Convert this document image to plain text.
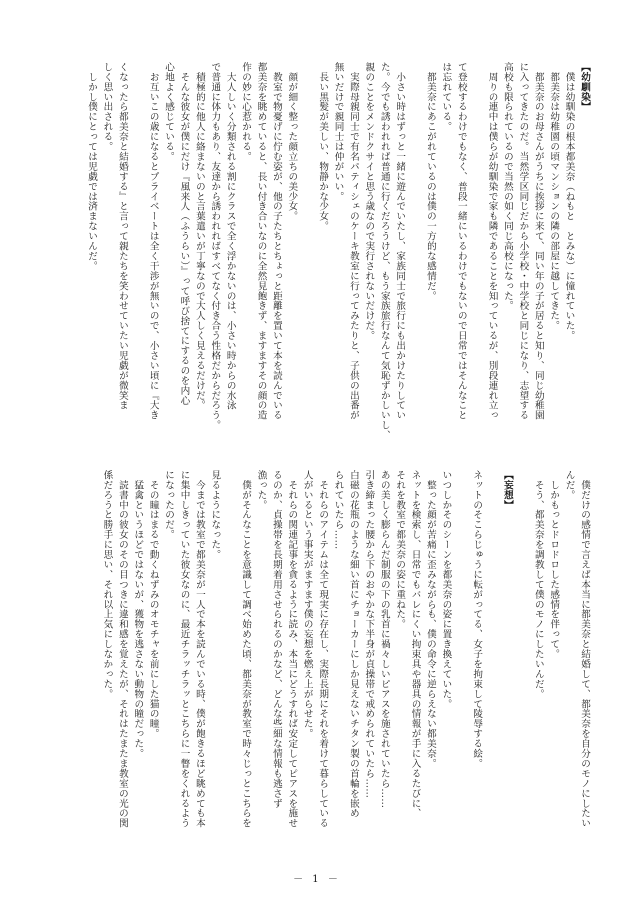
【幼馴染】

　僕は幼馴染の根本都美奈（ねもと　とみな）に憧れていた。

　都美奈は幼稚園の頃マンションの隣の部屋に越してきた。

　都美奈のお母さんがうちに挨拶に来て、同い年の子が居ると知り、同じ幼稚園

に入ってきたのだ。当然学区同じだから小学校・中学校と同じになり、志望する

高校も限られているので当然の如く同じ高校になった。

　周りの連中は僕らが幼馴染で家も隣であることを知っているが、別段連れ立っ

て登校するわけでもなく、普段一緒にいるわけでもないので日常ではそんなこと

は忘れている。

　都美奈にあこがれているのは僕の一方的な感情だ。

　小さい時はずっと一緒に遊んでいたし、家族同士で旅行にも出かけたりしてい

た。今でも誘われれば普通に行くだろうけど、もう家族旅行なんて気恥ずかしいし、

親のことをメンドクサイと思う歳なので実行されないだけだ。

　実際母親同士で有名パティシェのケーキ教室に行ってみたりと、子供の出番が

無いだけで親同士は仲がいい。

　長い黒髪が美しい、物静かな少女。

　顔が細く整った顔立ちの美少女。

　教室で物憂げに佇む姿が、他の子たちとちょっと距離を置いて本を読んでいる

都美奈を眺めていると、長い付き合いなのに全然見飽きず、ますますその顔の造

作の妙に心惹かれる。

　大人しいく分類される割にクラスで全く浮かないのは、小さい時からの水泳

で普通に体力もあり、友達から誘われればすべてなく付き合う性格だからだろう。

　積極的に他人に絡まないのと言葉遣いが丁寧なので大人しく見えるだけだ。

　そんな彼女が僕にだけ『風来人（ふうらい）』って呼び捨てにするのを内心

心地よく感じている。

　お互いこの歳になるとプライベートは全く干渉が無いので、小さい頃に『大き

くなったら都美奈と結婚する』と言って親たちを笑わせていたい児戯が微笑ま

しく思い出される。

　しかし僕にとっては児戯では済まないんだ。

　僕だけの感情で言えば本当に都美奈と結婚して、都美奈を自分のモノにしたい

んだ。

　しかもっとドロドロした感情を伴って。

　そう、都美奈を調教して僕のモノにしたいんだ。

【妄想】

ネットのそこらじゅうに転がってる、女子を拘束して陵辱する絵。

いつしかそのシーンを都美奈の姿に置き換えていた。

　整った顔が苦痛に歪みながらも、僕の命令に逆らえない都美奈。

ネットを検索し、日常でもバレにくい拘束具や器具の情報が手に入るたびに、

それを教室で都美奈の姿に重ねた。

あの美しく膨らんだ制服の下の乳首に禍々しいピアスを施されていたら……

引き締まった腰から下のおやかな下半身が貞操帯で戒められていたら……

白磁の花瓶のような細い首にチョーカーにしか見えないチタン製の首輪を嵌め

られていたら……

　それらのアイテムは全て現実に存在し、実際長期にそれを着けて暮らしている

人がいるという事実がますます僕の妄想を燃え上がらせた。

　それらの関連記事を貪るように読み、本当にどうすれば安定してピアスを施せ

るのか、貞操帯を長期着用させられるのかなど、どんな些細な情報も逃さず

漁った。

　僕がそんなことを意識して調べ始めた頃、都美奈が教室で時々じっとこちらを

見るようになった。

　今までは教室で都美奈が一人で本を読んでいる時、僕が飽きるほど眺めても本

に集中しきっていた彼女なのに、最近チラッチラッとこちらに一瞥をくれるよう

になったのだ。

　その瞳はまるで動くねずみのオモチャを前にした猫の瞳。

　猛禽というほどではないが、獲物を逃さない動物の瞳だった。

　読書中の彼女のその目つきに違和感を覚えたが、それはたまたま教室の光の関

係だろうと勝手に思い、それ以上気にしなかった。

－ 1 －
